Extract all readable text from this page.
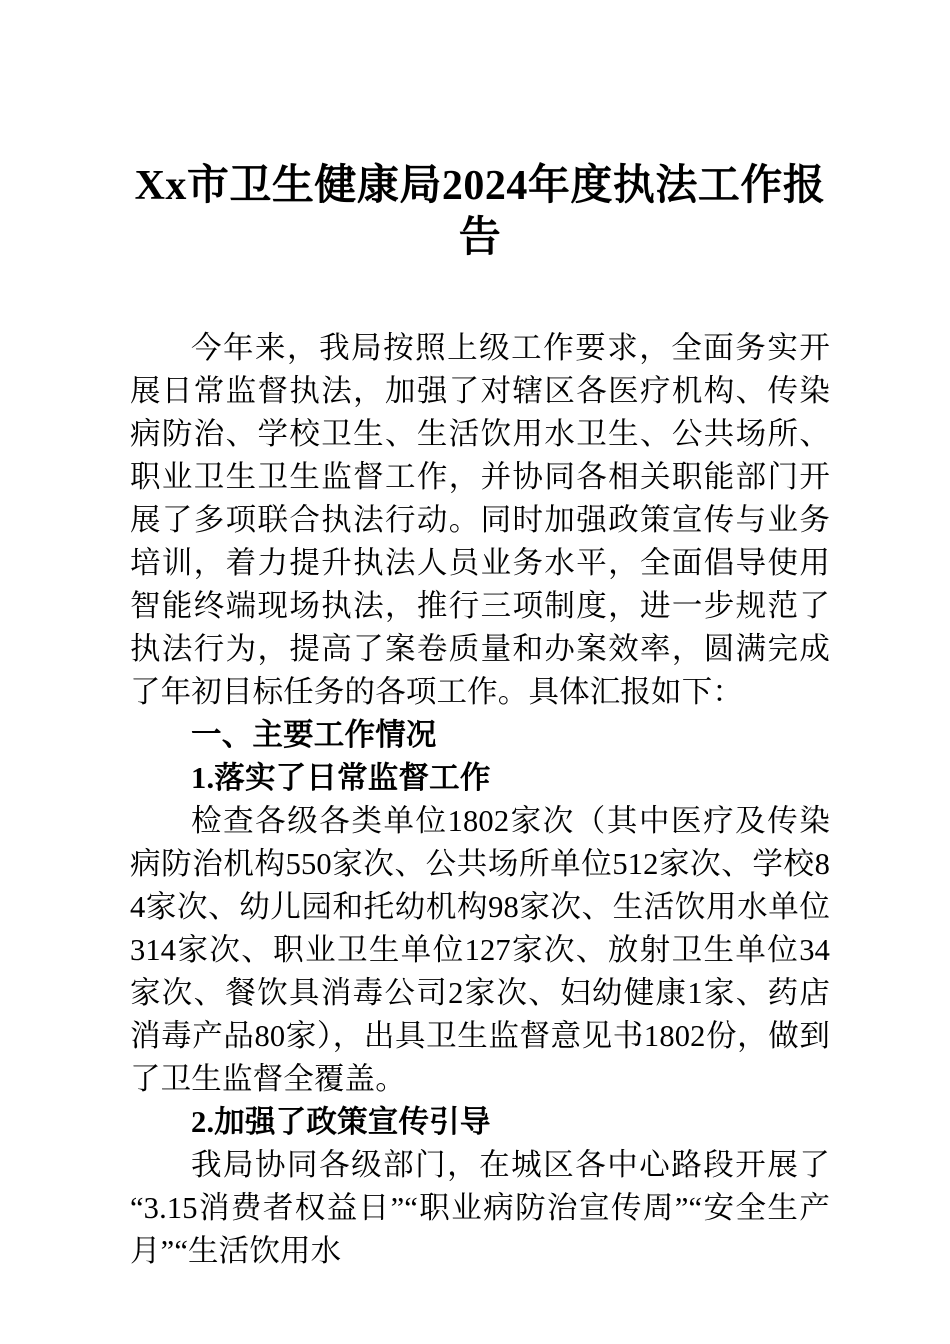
Xx市卫生健康局2024年度执法工作报告

今年来，我局按照上级工作要求，全面务实开展日常监督执法，加强了对辖区各医疗机构、传染病防治、学校卫生、生活饮用水卫生、公共场所、职业卫生卫生监督工作，并协同各相关职能部门开展了多项联合执法行动。同时加强政策宣传与业务培训，着力提升执法人员业务水平，全面倡导使用智能终端现场执法，推行三项制度，进一步规范了执法行为，提高了案卷质量和办案效率，圆满完成了年初目标任务的各项工作。具体汇报如下：

一、主要工作情况

1.落实了日常监督工作

检查各级各类单位1802家次（其中医疗及传染病防治机构550家次、公共场所单位512家次、学校84家次、幼儿园和托幼机构98家次、生活饮用水单位314家次、职业卫生单位127家次、放射卫生单位34家次、餐饮具消毒公司2家次、妇幼健康1家、药店消毒产品80家），出具卫生监督意见书1802份，做到了卫生监督全覆盖。

2.加强了政策宣传引导

我局协同各级部门，在城区各中心路段开展了“3.15消费者权益日”“职业病防治宣传周”“安全生产月”“生活饮用水
